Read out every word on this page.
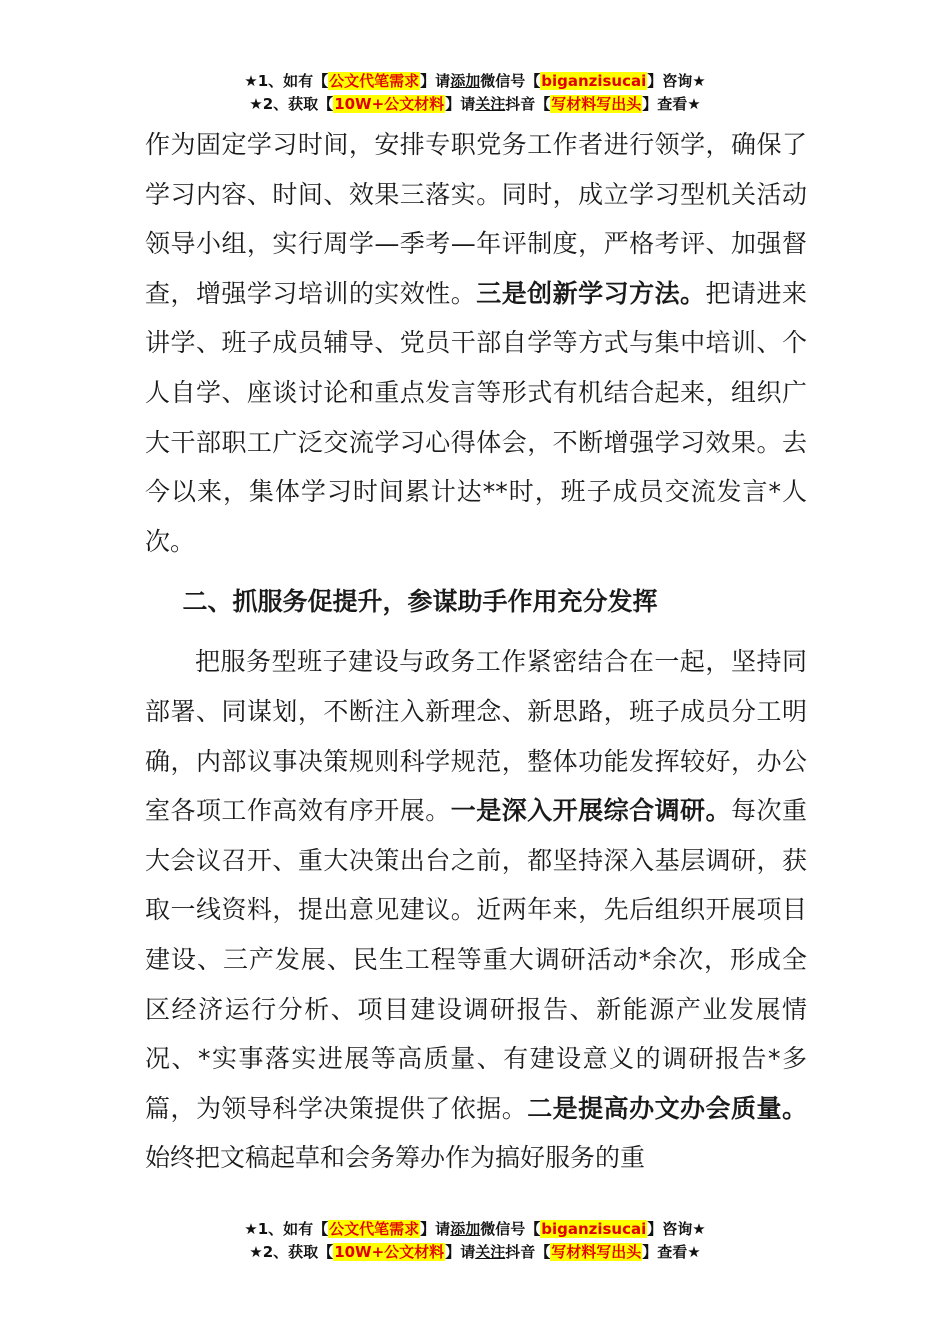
★1、如有【公文代笔需求】请添加微信号【biganzisucai】咨询★
★2、获取【10W+公文材料】请关注抖音【写材料写出头】查看★

作为固定学习时间，安排专职党务工作者进行领学，确保了学习内容、时间、效果三落实。同时，成立学习型机关活动领导小组，实行周学—季考—年评制度，严格考评、加强督查，增强学习培训的实效性。三是创新学习方法。把请进来讲学、班子成员辅导、党员干部自学等方式与集中培训、个人自学、座谈讨论和重点发言等形式有机结合起来，组织广大干部职工广泛交流学习心得体会，不断增强学习效果。去今以来，集体学习时间累计达**时，班子成员交流发言*人次。

二、抓服务促提升，参谋助手作用充分发挥

把服务型班子建设与政务工作紧密结合在一起，坚持同部署、同谋划，不断注入新理念、新思路，班子成员分工明确，内部议事决策规则科学规范，整体功能发挥较好，办公室各项工作高效有序开展。一是深入开展综合调研。每次重大会议召开、重大决策出台之前，都坚持深入基层调研，获取一线资料，提出意见建议。近两年来，先后组织开展项目建设、三产发展、民生工程等重大调研活动*余次，形成全区经济运行分析、项目建设调研报告、新能源产业发展情况、*实事落实进展等高质量、有建设意义的调研报告*多篇，为领导科学决策提供了依据。二是提高办文办会质量。始终把文稿起草和会务筹办作为搞好服务的重

★1、如有【公文代笔需求】请添加微信号【biganzisucai】咨询★
★2、获取【10W+公文材料】请关注抖音【写材料写出头】查看★
